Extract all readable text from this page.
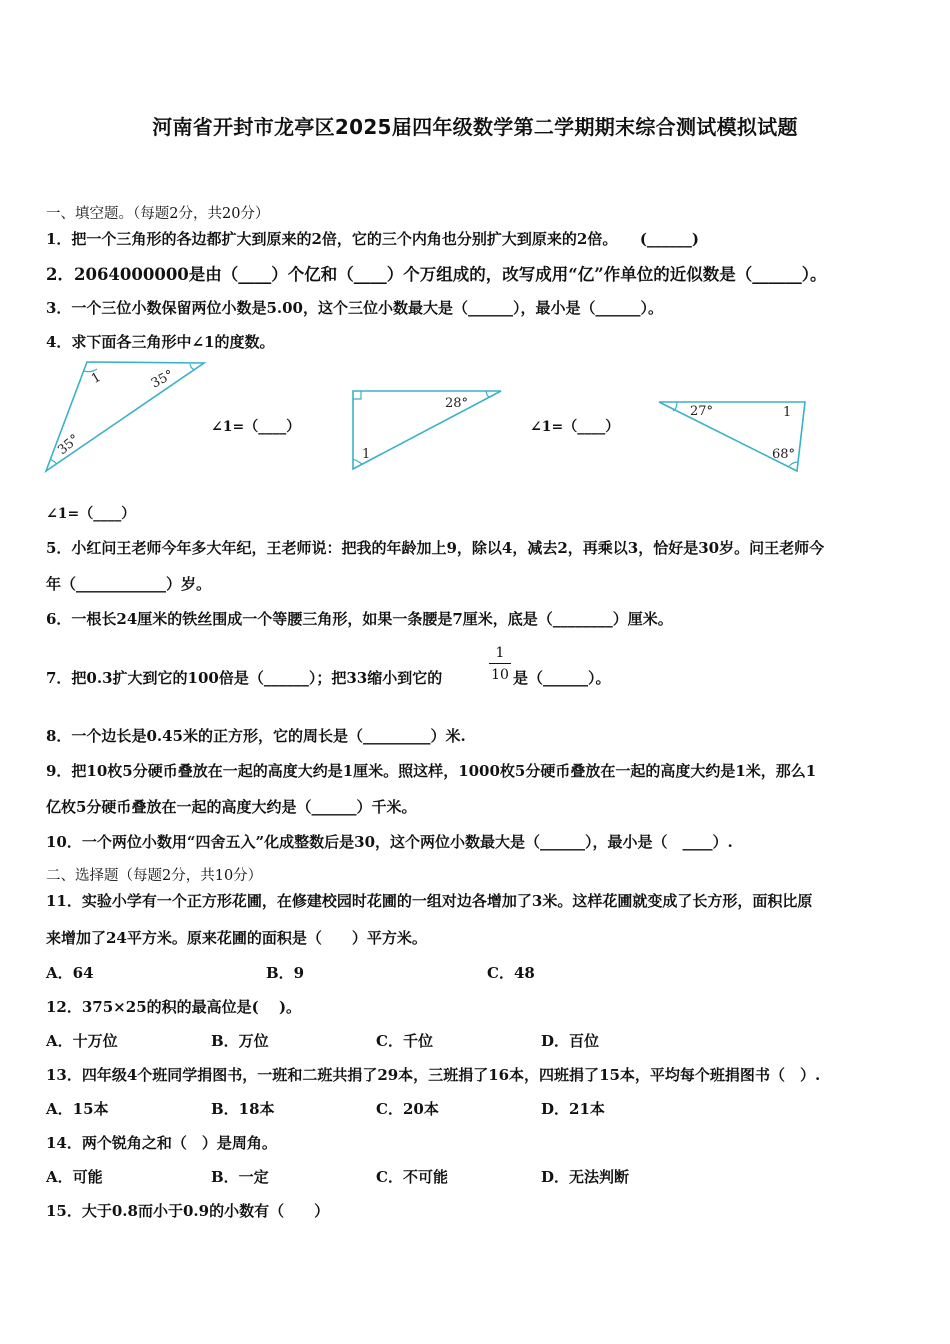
河南省开封市龙亭区2025届四年级数学第二学期期末综合测试模拟试题
一、填空题。（每题2分，共20分）
1．把一个三角形的各边都扩大到原来的2倍，它的三个内角也分别扩大到原来的2倍。　　(______)
2．2064000000是由（____）个亿和（____）个万组成的，改写成用“亿”作单位的近似数是（______）。
3．一个三位小数保留两位小数是5.00，这个三位小数最大是（______），最小是（______）。
4．求下面各三角形中∠1的度数。
1	35°
35°
∠1=（____）
28°
1
∠1=（____）
27°	1
68°
∠1=（____）
5．小红问王老师今年多大年纪，王老师说：把我的年龄加上9，除以4，减去2，再乘以3，恰好是30岁。问王老师今
年（____________）岁。
6．一根长24厘米的铁丝围成一个等腰三角形，如果一条腰是7厘米，底是（________）厘米。
7．把0.3扩大到它的100倍是（______）；把33缩小到它的	$\frac{1}{10}$ 是（______）。
8．一个边长是0.45米的正方形，它的周长是（_________）米.
9．把10枚5分硬币叠放在一起的高度大约是1厘米。照这样，1000枚5分硬币叠放在一起的高度大约是1米，那么1
亿枚5分硬币叠放在一起的高度大约是（______）千米。
10．一个两位小数用“四舍五入”化成整数后是30，这个两位小数最大是（______），最小是（　____）.
二、选择题（每题2分，共10分）
11．实验小学有一个正方形花圃，在修建校园时花圃的一组对边各增加了3米。这样花圃就变成了长方形，面积比原
来增加了24平方米。原来花圃的面积是（　　）平方米。
A．64	B．9	C．48
12．375×25的积的最高位是(　 )。
A．十万位	B．万位	C．千位	D．百位
13．四年级4个班同学捐图书，一班和二班共捐了29本，三班捐了16本，四班捐了15本，平均每个班捐图书（　）.
A．15本	B．18本	C．20本	D．21本
14．两个锐角之和（　）是周角。
A．可能	B．一定	C．不可能	D．无法判断
15．大于0.8而小于0.9的小数有（　　）
